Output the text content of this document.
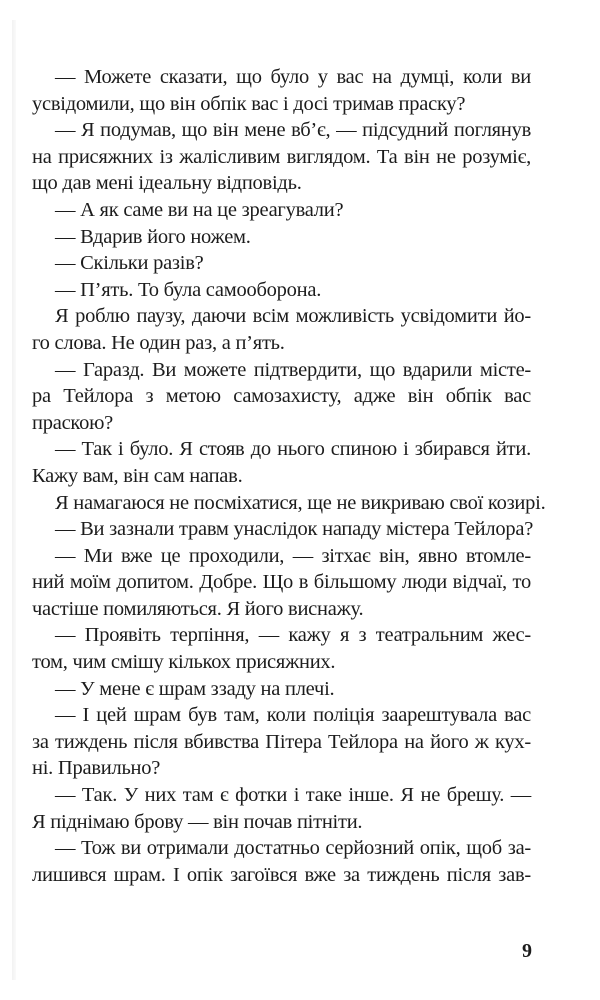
— Можете сказати, що було у вас на думці, коли ви
усвідомили, що він обпік вас і досі тримав праску?
— Я подумав, що він мене вб’є, — підсудний поглянув
на присяжних із жалісливим виглядом. Та він не розуміє,
що дав мені ідеальну відповідь.
— А як саме ви на це зреагували?
— Вдарив його ножем.
— Скільки разів?
— П’ять. То була самооборона.
Я роблю паузу, даючи всім можливість усвідомити йо-
го слова. Не один раз, а п’ять.
— Гаразд. Ви можете підтвердити, що вдарили місте-
ра Тейлора з метою самозахисту, адже він обпік вас
праскою?
— Так і було. Я стояв до нього спиною і збирався йти.
Кажу вам, він сам напав.
Я намагаюся не посміхатися, ще не викриваю свої козирі.
— Ви зазнали травм унаслідок нападу містера Тейлора?
— Ми вже це проходили, — зітхає він, явно втомле-
ний моїм допитом. Добре. Що в більшому люди відчаї, то
частіше помиляються. Я його виснажу.
— Проявіть терпіння, — кажу я з театральним жес-
том, чим смішу кількох присяжних.
— У мене є шрам ззаду на плечі.
— І цей шрам був там, коли поліція заарештувала вас
за тиждень після вбивства Пітера Тейлора на його ж кух-
ні. Правильно?
— Так. У них там є фотки і таке інше. Я не брешу. —
Я піднімаю брову — він почав пітніти.
— Тож ви отримали достатньо серйозний опік, щоб за-
лишився шрам. І опік загоївся вже за тиждень після зав-
9
